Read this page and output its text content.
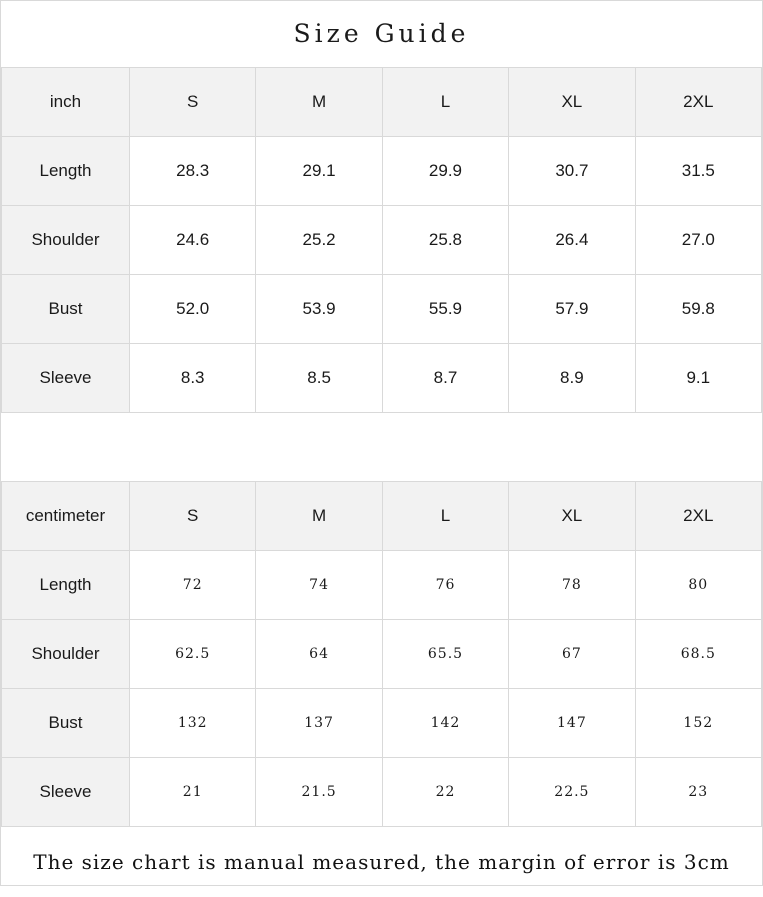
Size Guide
inch	S	M	L	XL	2XL
Length	28.3	29.1	29.9	30.7	31.5
Shoulder	24.6	25.2	25.8	26.4	27.0
Bust	52.0	53.9	55.9	57.9	59.8
Sleeve	8.3	8.5	8.7	8.9	9.1
centimeter	S	M	L	XL	2XL
Length	72	74	76	78	80
Shoulder	62.5	64	65.5	67	68.5
Bust	132	137	142	147	152
Sleeve	21	21.5	22	22.5	23
The size chart is manual measured, the margin of error is 3cm
